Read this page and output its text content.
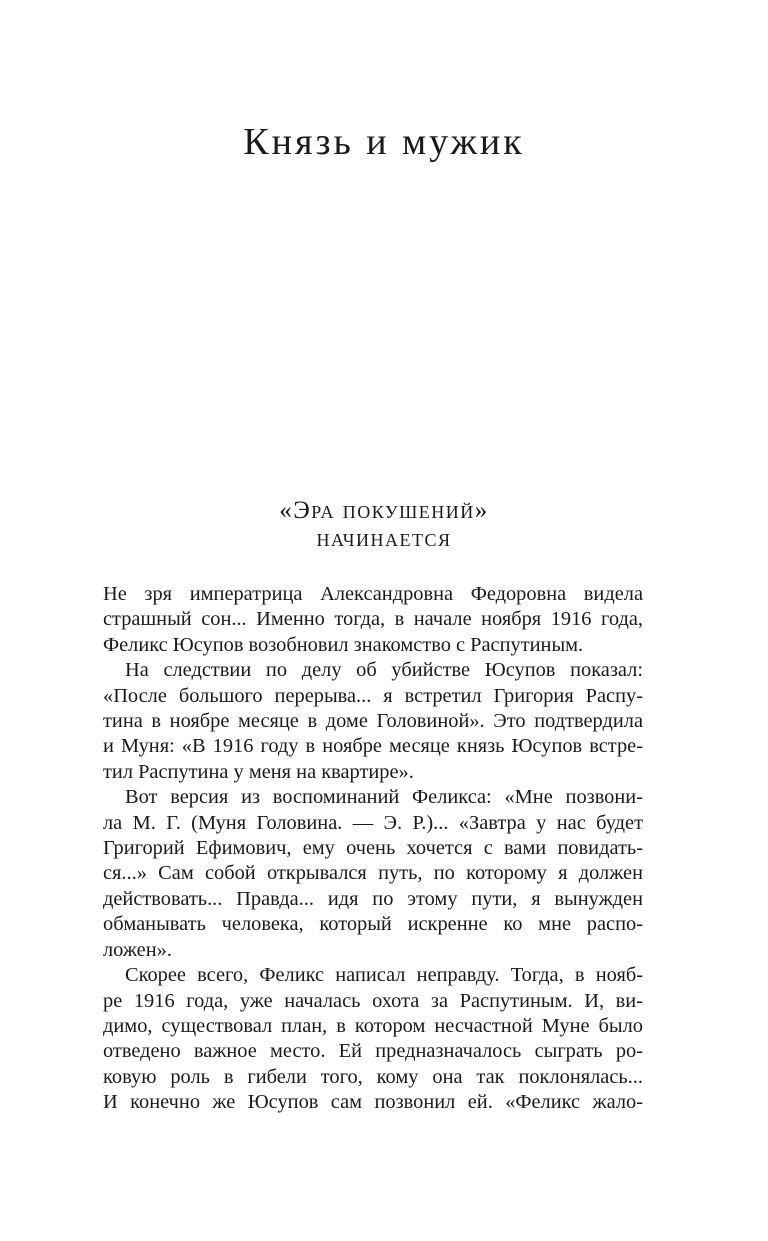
Князь и мужик
«Эра покушений»
начинается

Не зря императрица Александровна Федоровна видела
страшный сон... Именно тогда, в начале ноября 1916 года,
Феликс Юсупов возобновил знакомство с Распутиным.

На следствии по делу об убийстве Юсупов показал:
«После большого перерыва... я встретил Григория Распу-
тина в ноябре месяце в доме Головиной». Это подтвердила
и Муня: «В 1916 году в ноябре месяце князь Юсупов встре-
тил Распутина у меня на квартире».

Вот версия из воспоминаний Феликса: «Мне позвони-
ла М. Г. (Муня Головина. — Э. Р.)... «Завтра у нас будет
Григорий Ефимович, ему очень хочется с вами повидать-
ся...» Сам собой открывался путь, по которому я должен
действовать... Правда... идя по этому пути, я вынужден
обманывать человека, который искренне ко мне распо-
ложен».

Скорее всего, Феликс написал неправду. Тогда, в нояб-
ре 1916 года, уже началась охота за Распутиным. И, ви-
димо, существовал план, в котором несчастной Муне было
отведено важное место. Ей предназначалось сыграть ро-
ковую роль в гибели того, кому она так поклонялась...
И конечно же Юсупов сам позвонил ей. «Феликс жало-
